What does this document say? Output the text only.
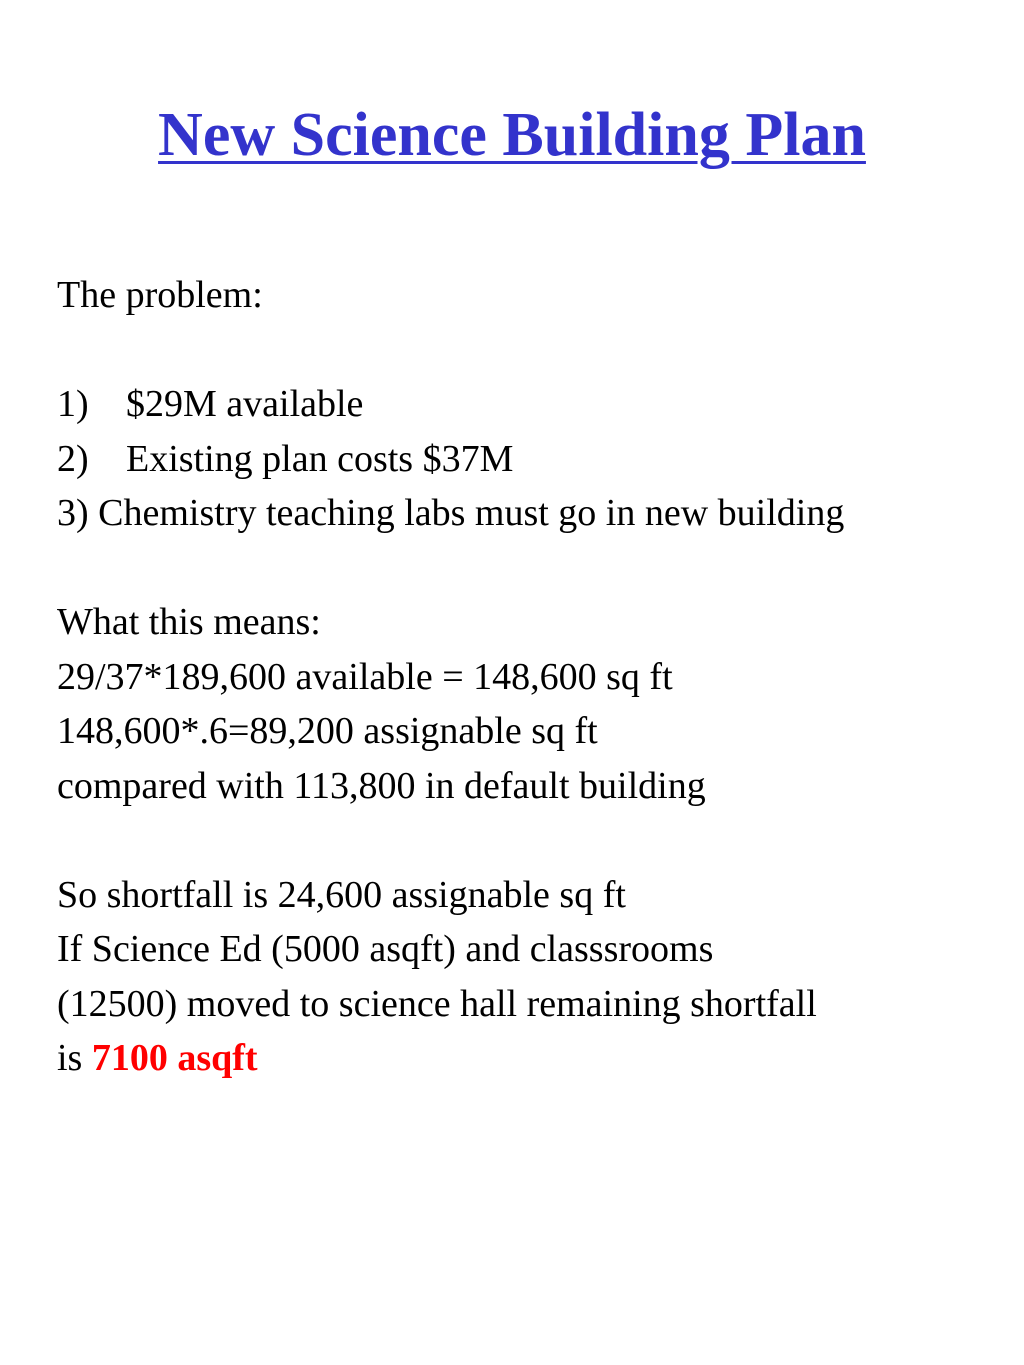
New Science Building Plan
The problem:
1) $29M available
2) Existing plan costs $37M
3) Chemistry teaching labs must go in new building
What this means:
29/37*189,600 available = 148,600 sq ft
148,600*.6=89,200 assignable sq ft
compared with 113,800 in default building
So shortfall is 24,600 assignable sq ft
If Science Ed (5000 asqft) and classsrooms
(12500) moved to science hall remaining shortfall
is 7100 asqft
